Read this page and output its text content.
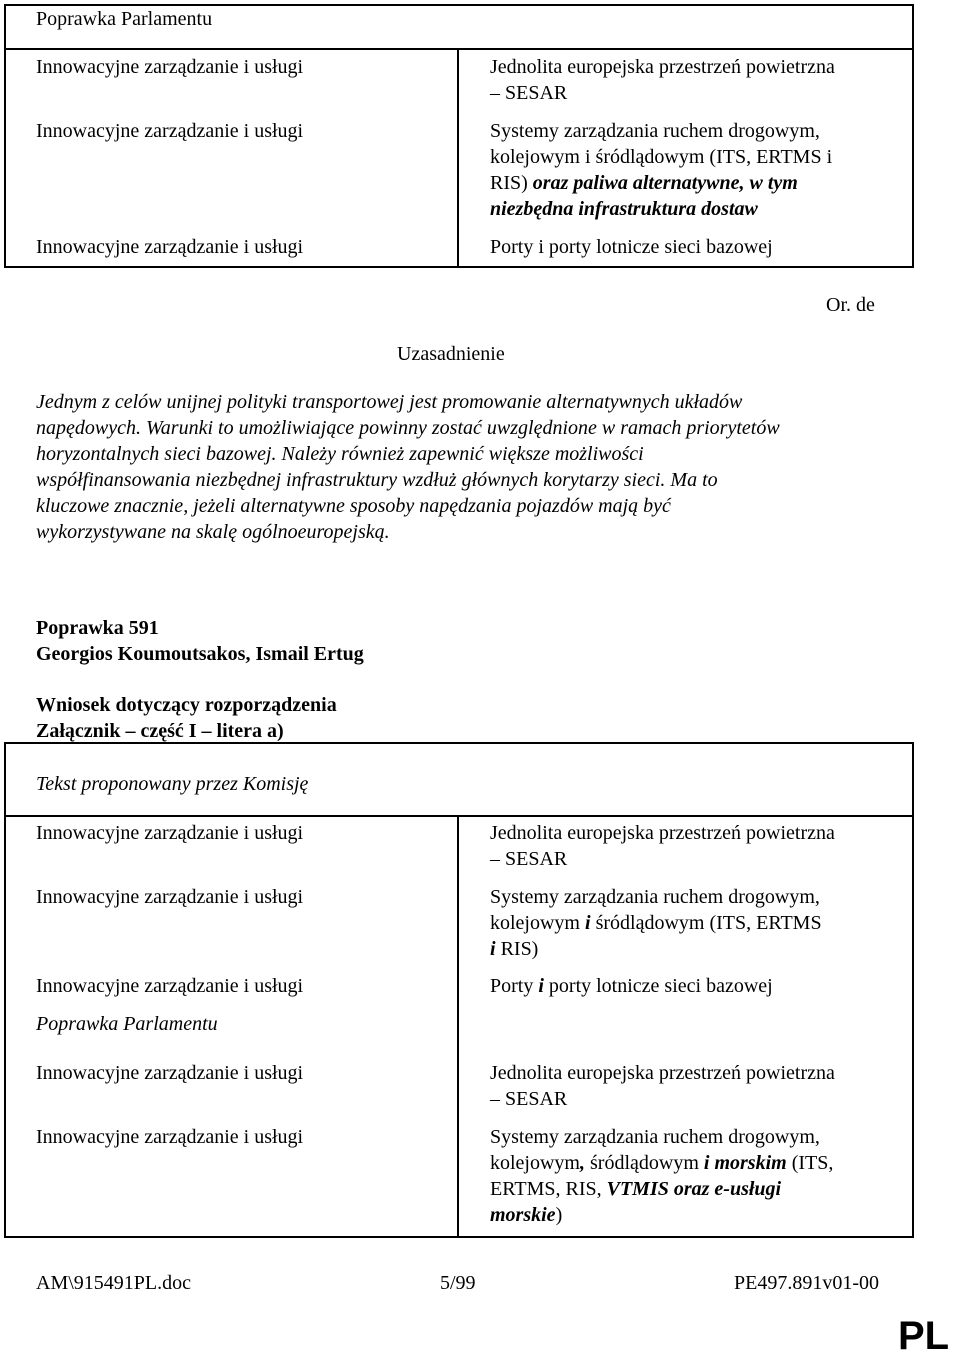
Poprawka Parlamentu
Innowacyjne zarządzanie i usługi	Jednolita europejska przestrzeń powietrzna
– SESAR
Innowacyjne zarządzanie i usługi	Systemy zarządzania ruchem drogowym,
kolejowym i śródlądowym (ITS, ERTMS i
RIS) oraz paliwa alternatywne, w tym
niezbędna infrastruktura dostaw
Innowacyjne zarządzanie i usługi	Porty i porty lotnicze sieci bazowej
Or. de
Uzasadnienie
Jednym z celów unijnej polityki transportowej jest promowanie alternatywnych układów
napędowych. Warunki to umożliwiające powinny zostać uwzględnione w ramach priorytetów
horyzontalnych sieci bazowej. Należy również zapewnić większe możliwości
współfinansowania niezbędnej infrastruktury wzdłuż głównych korytarzy sieci. Ma to
kluczowe znacznie, jeżeli alternatywne sposoby napędzania pojazdów mają być
wykorzystywane na skalę ogólnoeuropejską.
Poprawka 591
Georgios Koumoutsakos, Ismail Ertug
Wniosek dotyczący rozporządzenia
Załącznik – część I – litera a)
Tekst proponowany przez Komisję
Innowacyjne zarządzanie i usługi	Jednolita europejska przestrzeń powietrzna
– SESAR
Innowacyjne zarządzanie i usługi	Systemy zarządzania ruchem drogowym,
kolejowym i śródlądowym (ITS, ERTMS
i RIS)
Innowacyjne zarządzanie i usługi	Porty i porty lotnicze sieci bazowej
Poprawka Parlamentu
Innowacyjne zarządzanie i usługi	Jednolita europejska przestrzeń powietrzna
– SESAR
Innowacyjne zarządzanie i usługi	Systemy zarządzania ruchem drogowym,
kolejowym, śródlądowym i morskim (ITS,
ERTMS, RIS, VTMIS oraz e-usługi
morskie)
AM\915491PL.doc	5/99	PE497.891v01-00
PL
